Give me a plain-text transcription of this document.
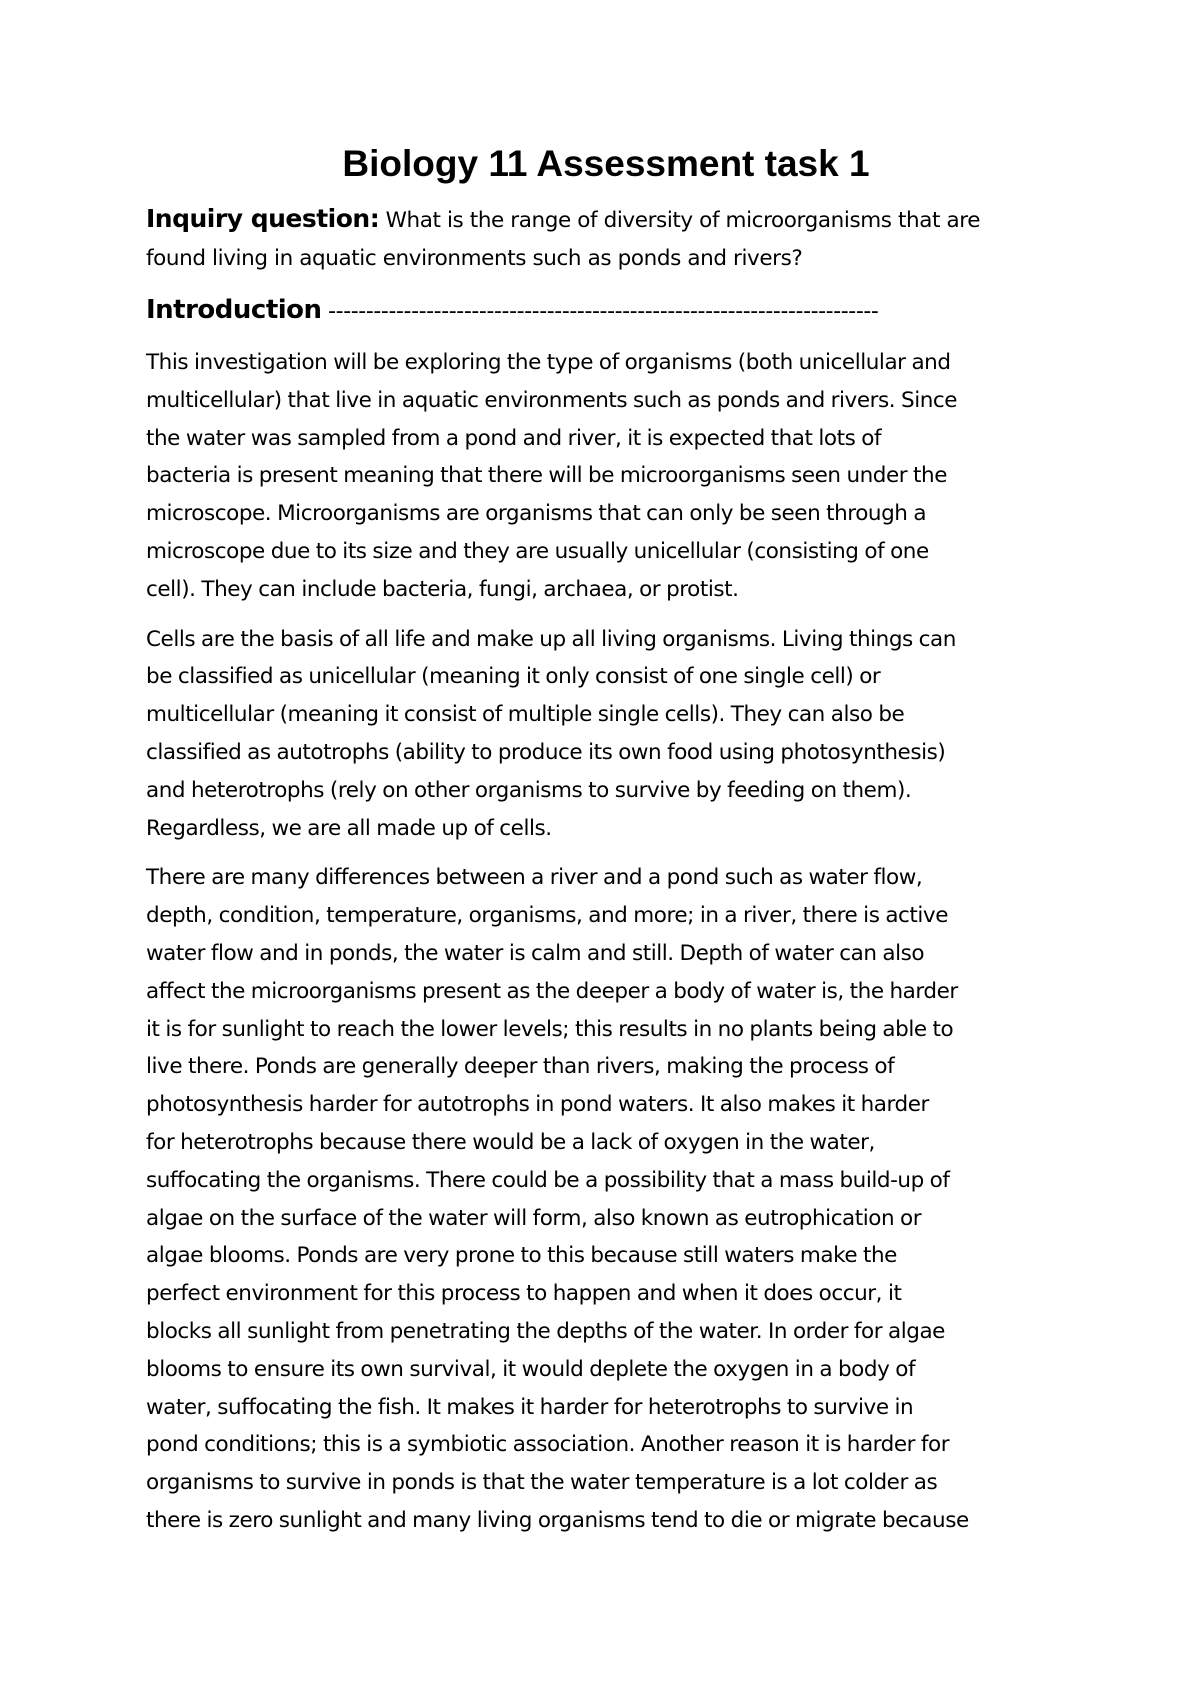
Biology 11 Assessment task 1
Inquiry question: What is the range of diversity of microorganisms that are
found living in aquatic environments such as ponds and rivers?
Introduction -------------------------------------------------------------------------
This investigation will be exploring the type of organisms (both unicellular and
multicellular) that live in aquatic environments such as ponds and rivers. Since
the water was sampled from a pond and river, it is expected that lots of
bacteria is present meaning that there will be microorganisms seen under the
microscope. Microorganisms are organisms that can only be seen through a
microscope due to its size and they are usually unicellular (consisting of one
cell). They can include bacteria, fungi, archaea, or protist.
Cells are the basis of all life and make up all living organisms. Living things can
be classified as unicellular (meaning it only consist of one single cell) or
multicellular (meaning it consist of multiple single cells). They can also be
classified as autotrophs (ability to produce its own food using photosynthesis)
and heterotrophs (rely on other organisms to survive by feeding on them).
Regardless, we are all made up of cells.
There are many differences between a river and a pond such as water flow,
depth, condition, temperature, organisms, and more; in a river, there is active
water flow and in ponds, the water is calm and still. Depth of water can also
affect the microorganisms present as the deeper a body of water is, the harder
it is for sunlight to reach the lower levels; this results in no plants being able to
live there. Ponds are generally deeper than rivers, making the process of
photosynthesis harder for autotrophs in pond waters. It also makes it harder
for heterotrophs because there would be a lack of oxygen in the water,
suffocating the organisms. There could be a possibility that a mass build-up of
algae on the surface of the water will form, also known as eutrophication or
algae blooms. Ponds are very prone to this because still waters make the
perfect environment for this process to happen and when it does occur, it
blocks all sunlight from penetrating the depths of the water. In order for algae
blooms to ensure its own survival, it would deplete the oxygen in a body of
water, suffocating the fish. It makes it harder for heterotrophs to survive in
pond conditions; this is a symbiotic association. Another reason it is harder for
organisms to survive in ponds is that the water temperature is a lot colder as
there is zero sunlight and many living organisms tend to die or migrate because
